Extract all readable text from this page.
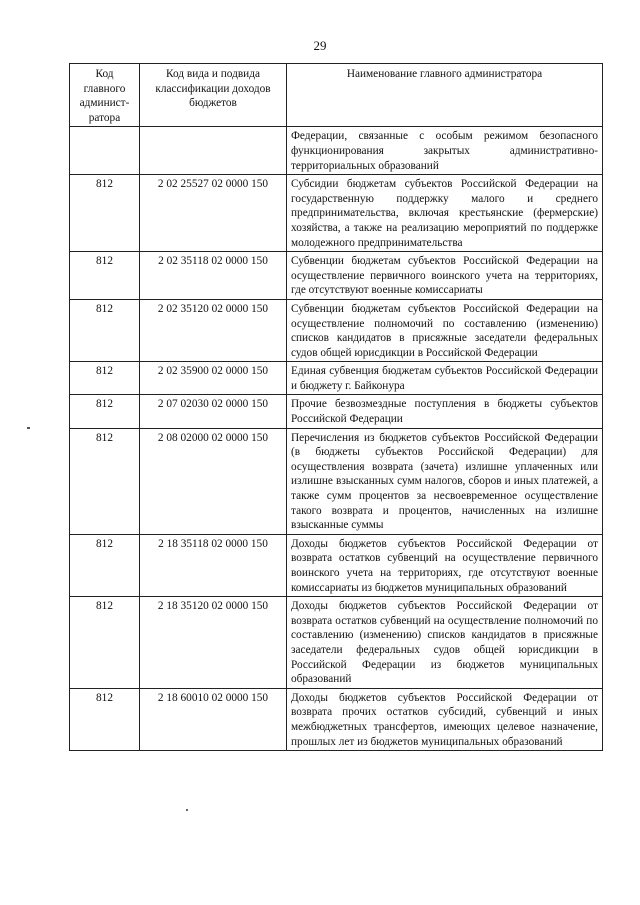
29
Код главного админист-ратора	Код вида и подвида классификации доходов бюджетов	Наименование главного администратора
		Федерации, связанные с особым режимом безопасного функционирования закрытых административно-территориальных образований
812	2 02 25527 02 0000 150	Субсидии бюджетам субъектов Российской Федерации на государственную поддержку малого и среднего предпринимательства, включая крестьянские (фермерские) хозяйства, а также на реализацию мероприятий по поддержке молодежного предпринимательства
812	2 02 35118 02 0000 150	Субвенции бюджетам субъектов Российской Федерации на осуществление первичного воинского учета на территориях, где отсутствуют военные комиссариаты
812	2 02 35120 02 0000 150	Субвенции бюджетам субъектов Российской Федерации на осуществление полномочий по составлению (изменению) списков кандидатов в присяжные заседатели федеральных судов общей юрисдикции в Российской Федерации
812	2 02 35900 02 0000 150	Единая субвенция бюджетам субъектов Российской Федерации и бюджету г. Байконура
812	2 07 02030 02 0000 150	Прочие безвозмездные поступления в бюджеты субъектов Российской Федерации
812	2 08 02000 02 0000 150	Перечисления из бюджетов субъектов Российской Федерации (в бюджеты субъектов Российской Федерации) для осуществления возврата (зачета) излишне уплаченных или излишне взысканных сумм налогов, сборов и иных платежей, а также сумм процентов за несвоевременное осуществление такого возврата и процентов, начисленных на излишне взысканные суммы
812	2 18 35118 02 0000 150	Доходы бюджетов субъектов Российской Федерации от возврата остатков субвенций на осуществление первичного воинского учета на территориях, где отсутствуют военные комиссариаты из бюджетов муниципальных образований
812	2 18 35120 02 0000 150	Доходы бюджетов субъектов Российской Федерации от возврата остатков субвенций на осуществление полномочий по составлению (изменению) списков кандидатов в присяжные заседатели федеральных судов общей юрисдикции в Российской Федерации из бюджетов муниципальных образований
812	2 18 60010 02 0000 150	Доходы бюджетов субъектов Российской Федерации от возврата прочих остатков субсидий, субвенций и иных межбюджетных трансфертов, имеющих целевое назначение, прошлых лет из бюджетов муниципальных образований
